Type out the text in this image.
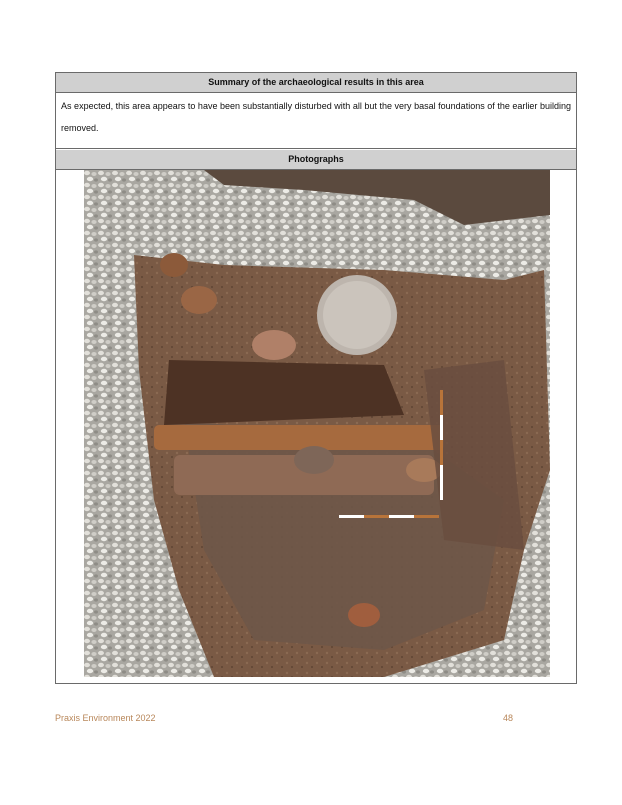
Summary of the archaeological results in this area
As expected, this area appears to have been substantially disturbed with all but the very basal foundations of the earlier building removed.
Photographs
Praxis Environment 2022	48
